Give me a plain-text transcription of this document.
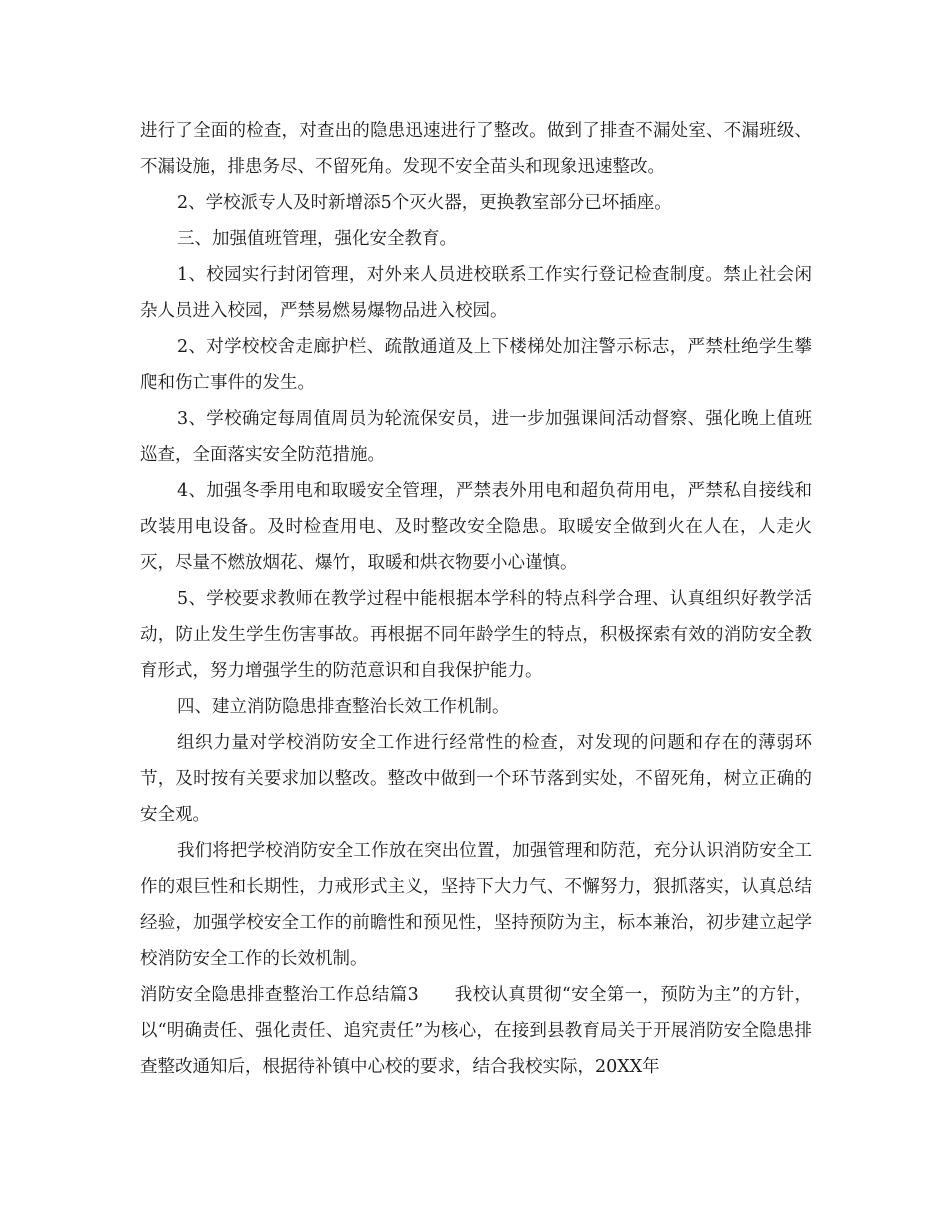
进行了全面的检查，对查出的隐患迅速进行了整改。做到了排查不漏处室、不漏班级、不漏设施，排患务尽、不留死角。发现不安全苗头和现象迅速整改。

2、学校派专人及时新增添5个灭火器，更换教室部分已坏插座。

三、加强值班管理，强化安全教育。

1、校园实行封闭管理，对外来人员进校联系工作实行登记检查制度。禁止社会闲杂人员进入校园，严禁易燃易爆物品进入校园。

2、对学校校舍走廊护栏、疏散通道及上下楼梯处加注警示标志，严禁杜绝学生攀爬和伤亡事件的发生。

3、学校确定每周值周员为轮流保安员，进一步加强课间活动督察、强化晚上值班巡查，全面落实安全防范措施。

4、加强冬季用电和取暖安全管理，严禁表外用电和超负荷用电，严禁私自接线和改装用电设备。及时检查用电、及时整改安全隐患。取暖安全做到火在人在，人走火灭，尽量不燃放烟花、爆竹，取暖和烘衣物要小心谨慎。

5、学校要求教师在教学过程中能根据本学科的特点科学合理、认真组织好教学活动，防止发生学生伤害事故。再根据不同年龄学生的特点，积极探索有效的消防安全教育形式，努力增强学生的防范意识和自我保护能力。

四、建立消防隐患排查整治长效工作机制。

组织力量对学校消防安全工作进行经常性的检查，对发现的问题和存在的薄弱环节，及时按有关要求加以整改。整改中做到一个环节落到实处，不留死角，树立正确的安全观。

我们将把学校消防安全工作放在突出位置，加强管理和防范，充分认识消防安全工作的艰巨性和长期性，力戒形式主义，坚持下大力气、不懈努力，狠抓落实，认真总结经验，加强学校安全工作的前瞻性和预见性，坚持预防为主，标本兼治，初步建立起学校消防安全工作的长效机制。

消防安全隐患排查整治工作总结篇3　　我校认真贯彻“安全第一，预防为主”的方针，以“明确责任、强化责任、追究责任”为核心，在接到县教育局关于开展消防安全隐患排查整改通知后，根据待补镇中心校的要求，结合我校实际，20XX年
